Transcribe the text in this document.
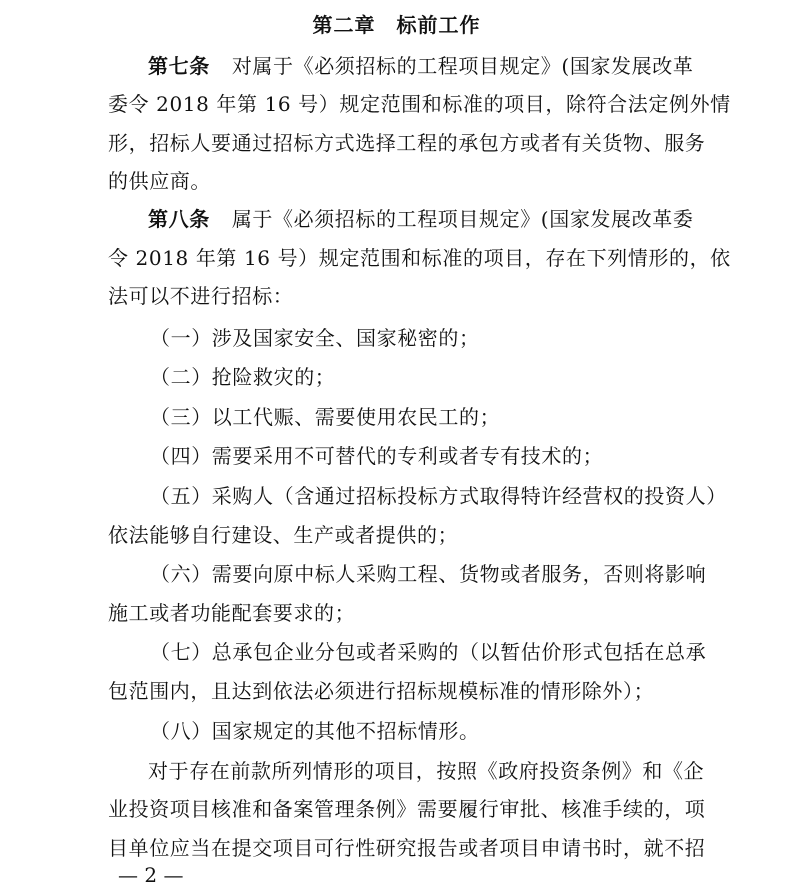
第二章　标前工作
第七条 对属于《必须招标的工程项目规定》(国家发展改革
委令 2018 年第 16 号）规定范围和标准的项目，除符合法定例外情
形，招标人要通过招标方式选择工程的承包方或者有关货物、服务
的供应商。
第八条 属于《必须招标的工程项目规定》(国家发展改革委
令 2018 年第 16 号）规定范围和标准的项目，存在下列情形的，依
法可以不进行招标：
（一）涉及国家安全、国家秘密的；
（二）抢险救灾的；
（三）以工代赈、需要使用农民工的；
（四）需要采用不可替代的专利或者专有技术的；
（五）采购人（含通过招标投标方式取得特许经营权的投资人）
依法能够自行建设、生产或者提供的；
（六）需要向原中标人采购工程、货物或者服务，否则将影响
施工或者功能配套要求的；
（七）总承包企业分包或者采购的（以暂估价形式包括在总承
包范围内，且达到依法必须进行招标规模标准的情形除外）；
（八）国家规定的其他不招标情形。
对于存在前款所列情形的项目，按照《政府投资条例》和《企
业投资项目核准和备案管理条例》需要履行审批、核准手续的，项
目单位应当在提交项目可行性研究报告或者项目申请书时，就不招
— 2 —
